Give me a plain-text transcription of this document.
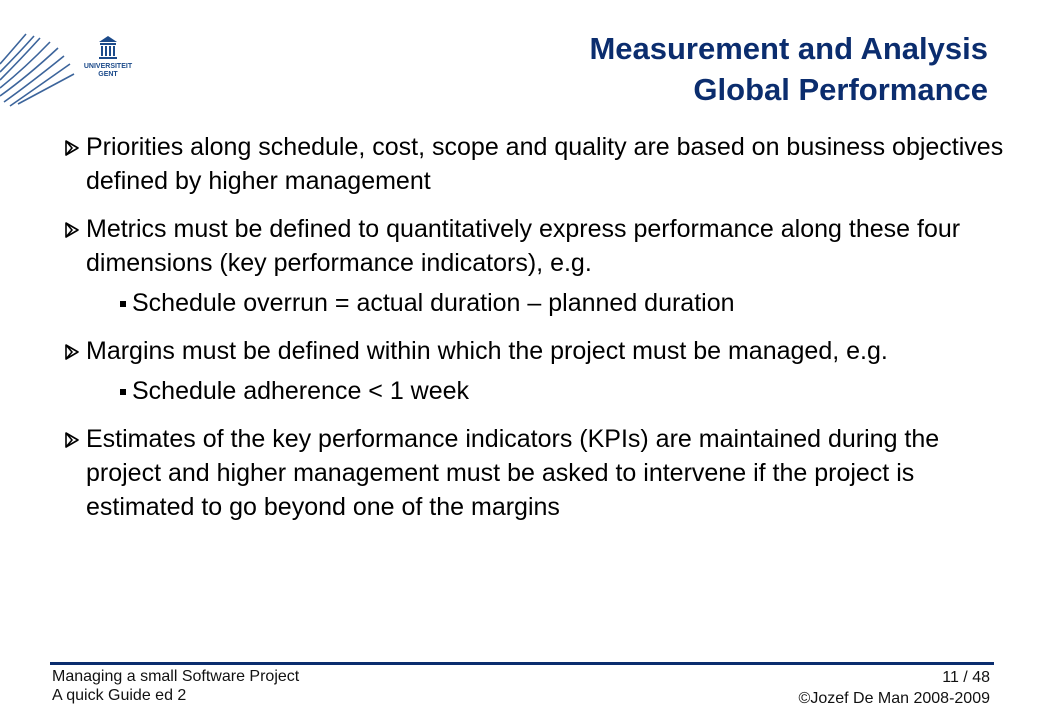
UNIVERSITEIT
GENT
Measurement and Analysis
Global Performance
Priorities along schedule, cost, scope and quality are based on business objectives defined by higher management
Metrics must be defined to quantitatively express performance along these four dimensions (key performance indicators), e.g.
Schedule overrun = actual duration – planned duration
Margins must be defined within which the project must be managed, e.g.
Schedule adherence < 1 week
Estimates of the key performance indicators (KPIs) are maintained during the project and higher management must be asked to intervene if the project is estimated to go beyond one of the margins
Managing a small Software Project
A quick Guide ed 2
11 / 48
©Jozef De Man 2008-2009
